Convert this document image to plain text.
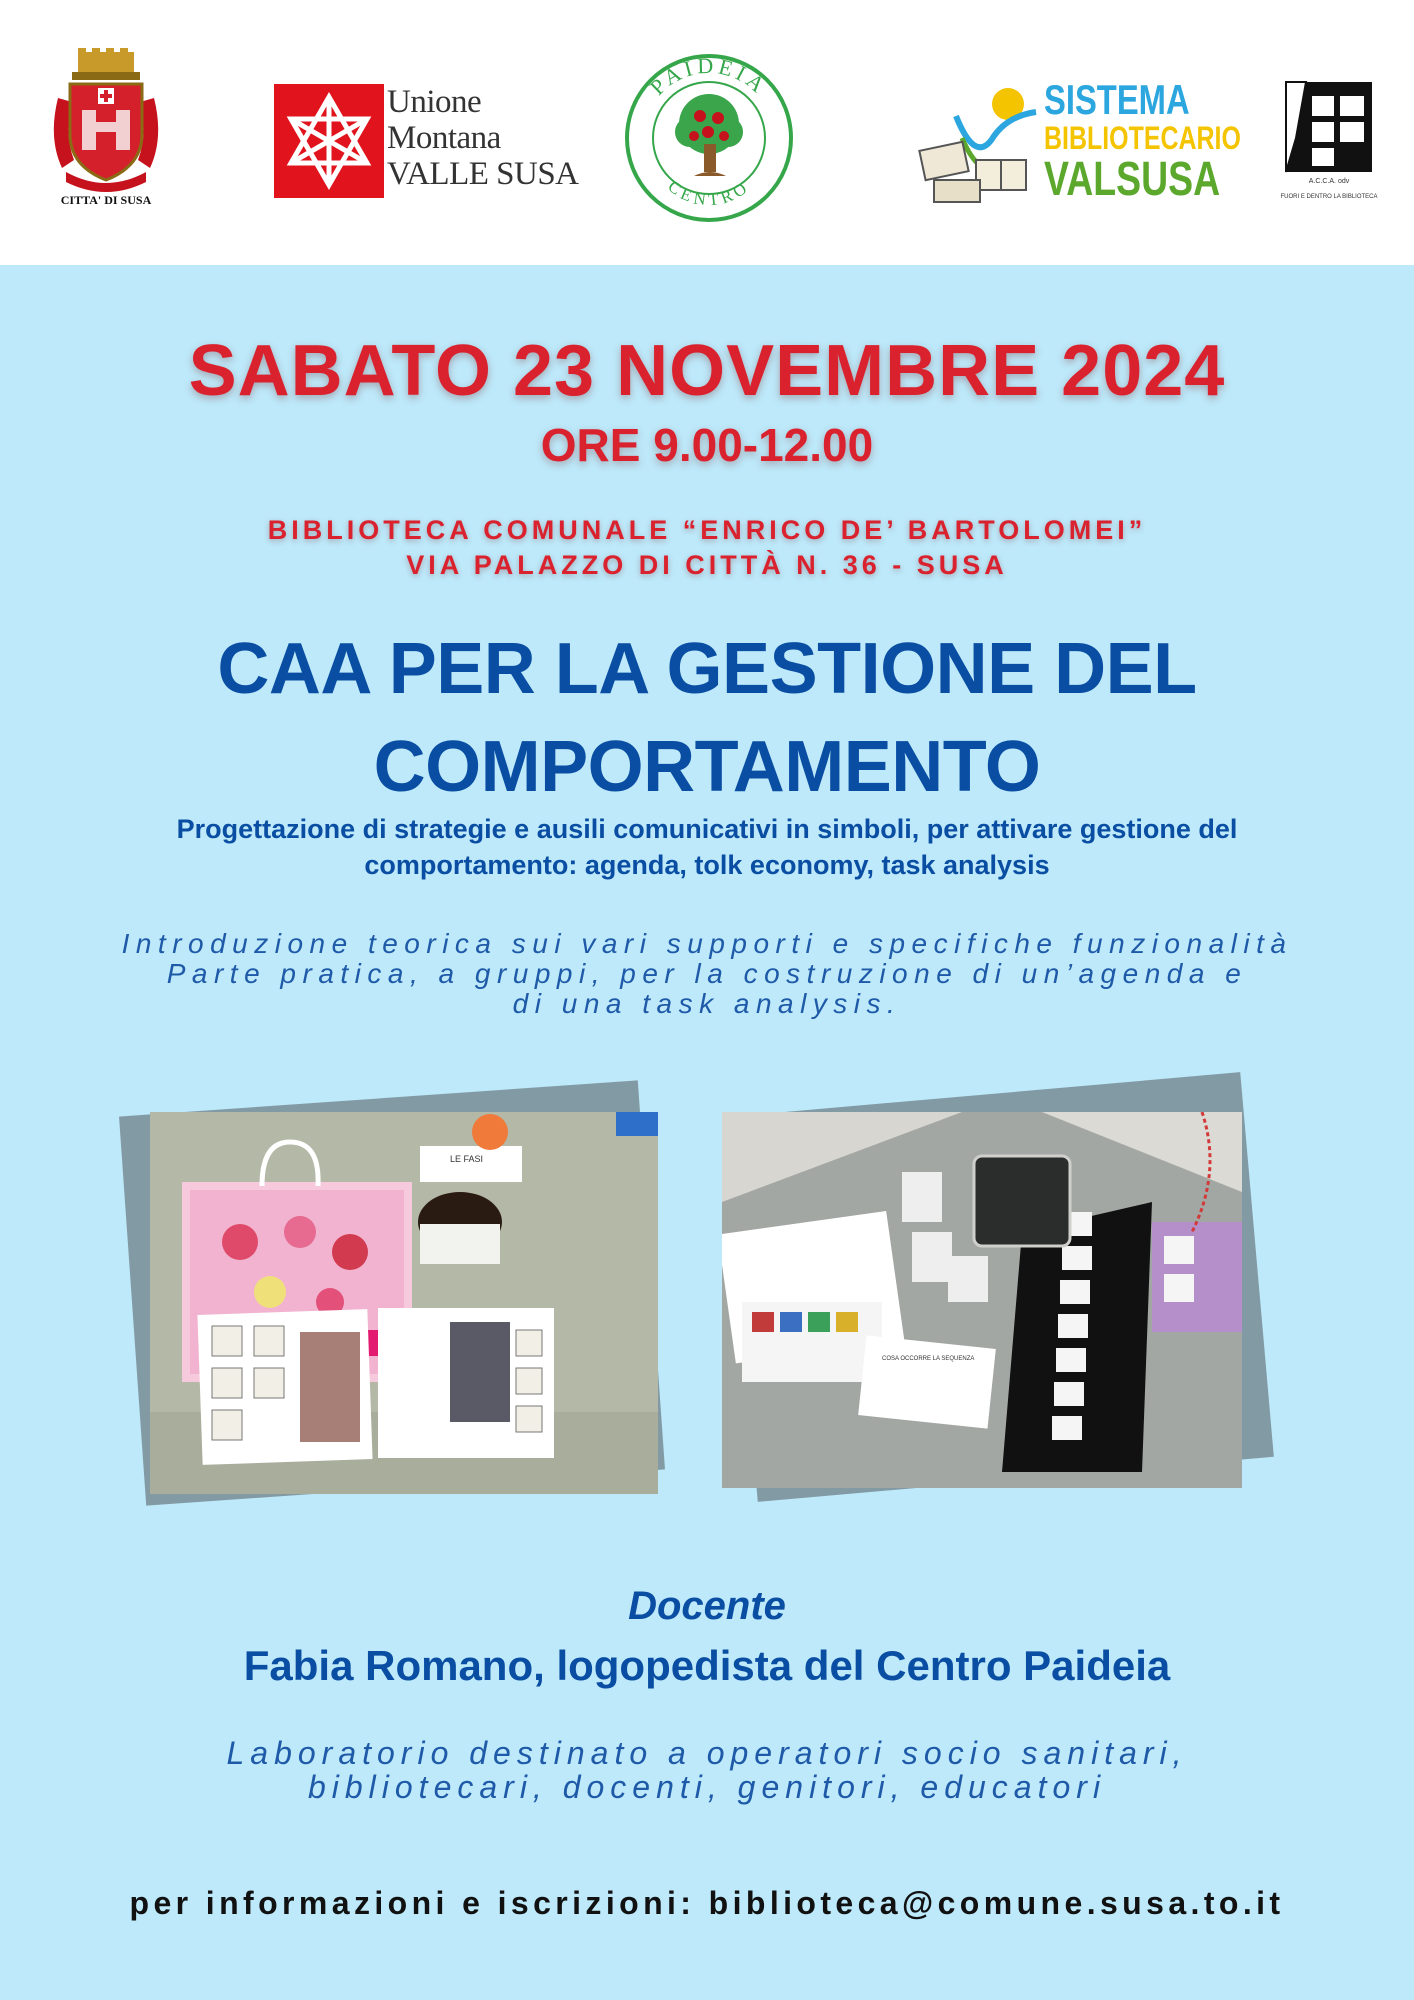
CITTA' DI SUSA
Unione
Montana
VALLE SUSA
SISTEMA
BIBLIOTECARIO
VALSUSA	A.C.C.A. odv
FUORI E DENTRO LA BIBLIOTECA
SABATO 23 NOVEMBRE 2024
ORE 9.00-12.00
BIBLIOTECA COMUNALE “ENRICO DE’ BARTOLOMEI”
VIA PALAZZO DI CITTÀ N. 36 - SUSA
CAA PER LA GESTIONE DEL
COMPORTAMENTO
Progettazione di strategie e ausili comunicativi in simboli, per attivare gestione del
comportamento: agenda, tolk economy, task analysis
Introduzione teorica sui vari supporti e specifiche funzionalità
Parte pratica, a gruppi, per la costruzione di un’agenda e
di una task analysis.
LE FASI
COSA OCCORRE LA SEQUENZA
Docente
Fabia Romano, logopedista del Centro Paideia
Laboratorio destinato a operatori socio sanitari,
bibliotecari, docenti, genitori, educatori
per informazioni e iscrizioni: biblioteca@comune.susa.to.it
PAIDEIA
CENTRO
